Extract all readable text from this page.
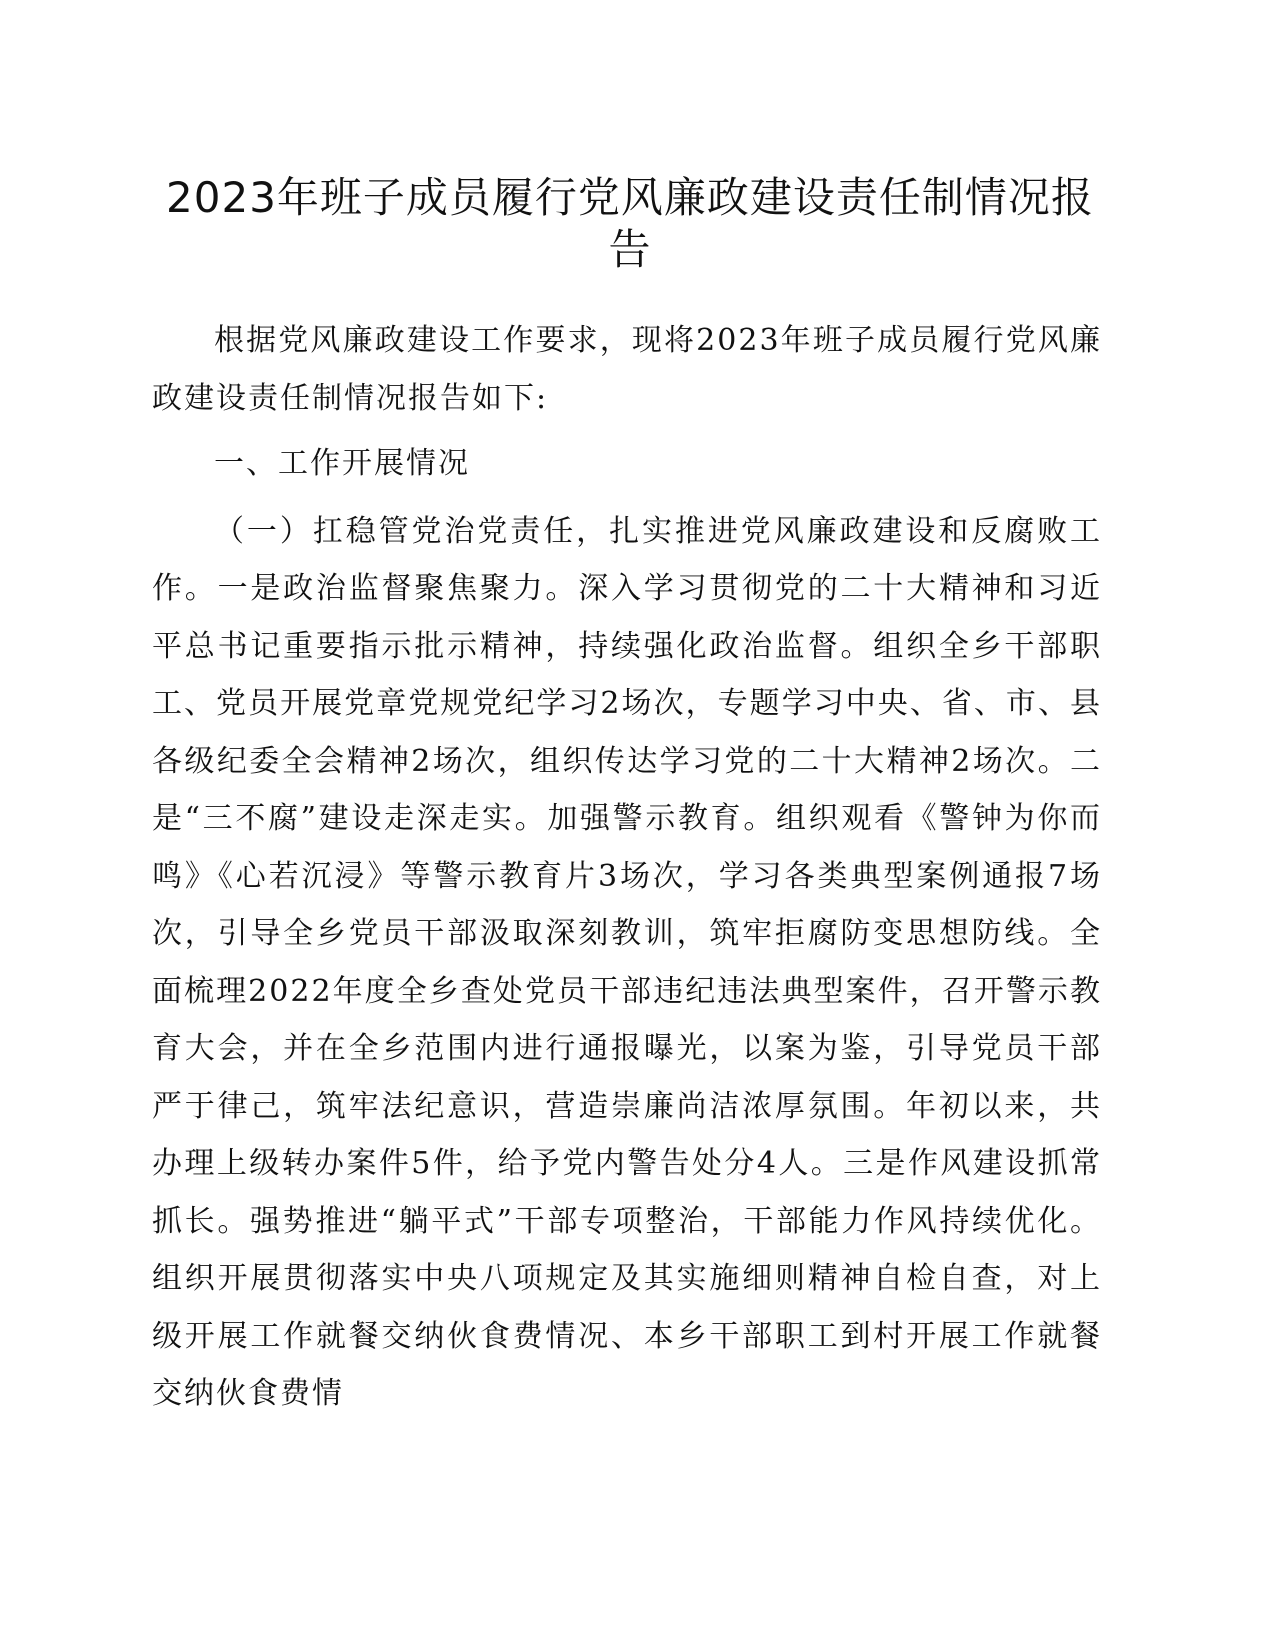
2023年班子成员履行党风廉政建设责任制情况报告

根据党风廉政建设工作要求，现将2023年班子成员履行党风廉政建设责任制情况报告如下:

一、工作开展情况

（一）扛稳管党治党责任，扎实推进党风廉政建设和反腐败工作。一是政治监督聚焦聚力。深入学习贯彻党的二十大精神和习近平总书记重要指示批示精神，持续强化政治监督。组织全乡干部职工、党员开展党章党规党纪学习2场次，专题学习中央、省、市、县各级纪委全会精神2场次，组织传达学习党的二十大精神2场次。二是“三不腐”建设走深走实。加强警示教育。组织观看《警钟为你而鸣》《心若沉浸》等警示教育片3场次，学习各类典型案例通报7场次，引导全乡党员干部汲取深刻教训，筑牢拒腐防变思想防线。全面梳理2022年度全乡查处党员干部违纪违法典型案件，召开警示教育大会，并在全乡范围内进行通报曝光，以案为鉴，引导党员干部严于律己，筑牢法纪意识，营造崇廉尚洁浓厚氛围。年初以来，共办理上级转办案件5件，给予党内警告处分4人。三是作风建设抓常抓长。强势推进“躺平式”干部专项整治，干部能力作风持续优化。组织开展贯彻落实中央八项规定及其实施细则精神自检自查，对上级开展工作就餐交纳伙食费情况、本乡干部职工到村开展工作就餐交纳伙食费情
